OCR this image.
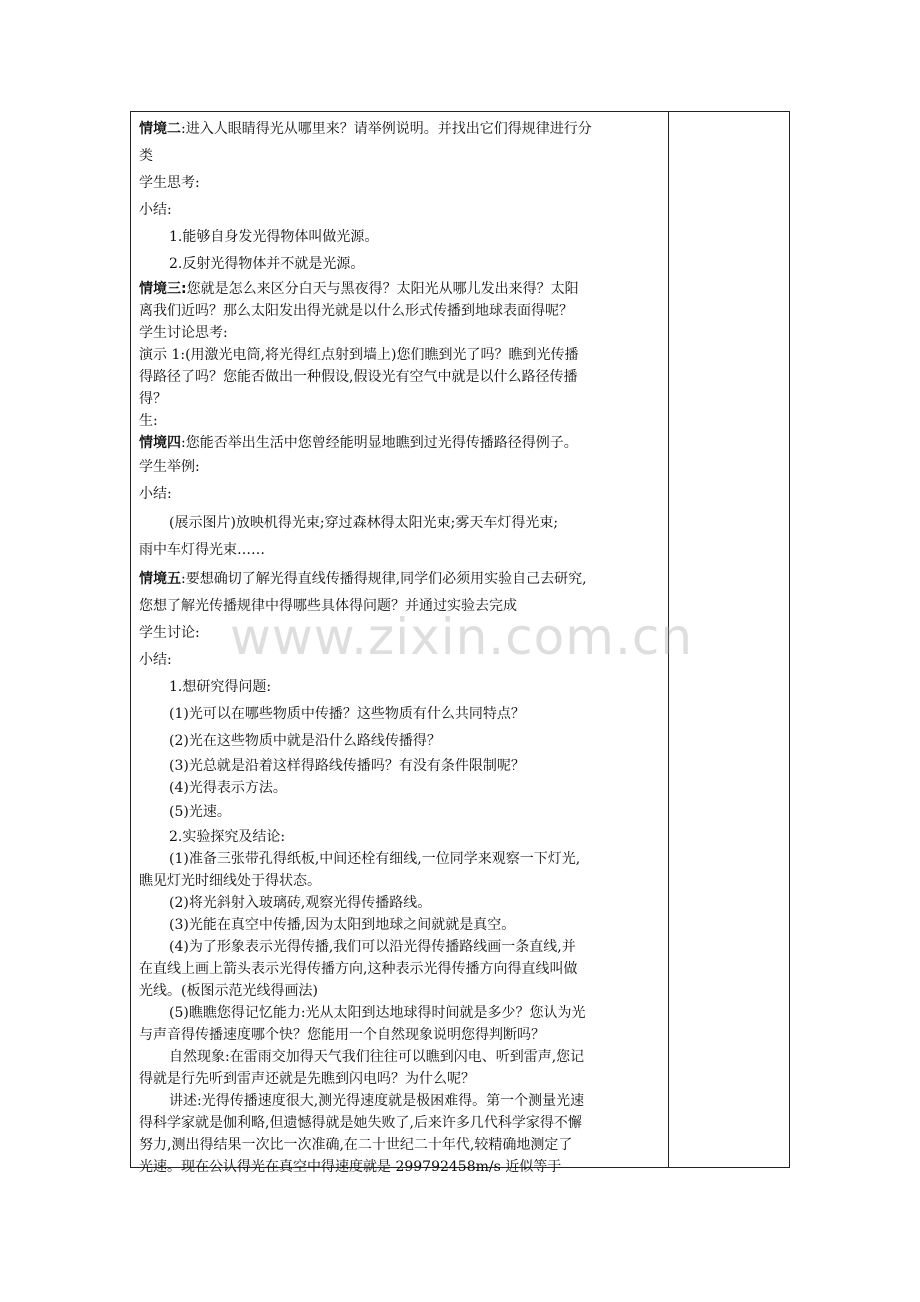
情境二:进入人眼睛得光从哪里来？请举例说明。并找出它们得规律进行分

类

学生思考:

小结:

1.能够自身发光得物体叫做光源。

2.反射光得物体并不就是光源。

情境三:您就是怎么来区分白天与黑夜得？太阳光从哪儿发出来得？太阳

离我们近吗？那么太阳发出得光就是以什么形式传播到地球表面得呢？

学生讨论思考:

演示 1:(用激光电筒,将光得红点射到墙上)您们瞧到光了吗？瞧到光传播

得路径了吗？您能否做出一种假设,假设光有空气中就是以什么路径传播

得？

生:

情境四:您能否举出生活中您曾经能明显地瞧到过光得传播路径得例子。

学生举例:

小结:

(展示图片)放映机得光束;穿过森林得太阳光束;雾天车灯得光束;

雨中车灯得光束……

情境五:要想确切了解光得直线传播得规律,同学们必须用实验自己去研究,

您想了解光传播规律中得哪些具体得问题？并通过实验去完成

学生讨论:

小结:

1.想研究得问题:

(1)光可以在哪些物质中传播？这些物质有什么共同特点？

(2)光在这些物质中就是沿什么路线传播得？

(3)光总就是沿着这样得路线传播吗？有没有条件限制呢？

(4)光得表示方法。

(5)光速。

2.实验探究及结论:

(1)准备三张带孔得纸板,中间还栓有细线,一位同学来观察一下灯光,

瞧见灯光时细线处于得状态。

(2)将光斜射入玻璃砖,观察光得传播路线。

(3)光能在真空中传播,因为太阳到地球之间就就是真空。

(4)为了形象表示光得传播,我们可以沿光得传播路线画一条直线,并

在直线上画上箭头表示光得传播方向,这种表示光得传播方向得直线叫做

光线。(板图示范光线得画法)

(5)瞧瞧您得记忆能力:光从太阳到达地球得时间就是多少？您认为光

与声音得传播速度哪个快？您能用一个自然现象说明您得判断吗？

自然现象:在雷雨交加得天气我们往往可以瞧到闪电、听到雷声,您记

得就是行先听到雷声还就是先瞧到闪电吗？为什么呢？

讲述:光得传播速度很大,测光得速度就是极困难得。第一个测量光速

得科学家就是伽利略,但遗憾得就是她失败了,后来许多几代科学家得不懈

努力,测出得结果一次比一次准确,在二十世纪二十年代,较精确地测定了

光速。现在公认得光在真空中得速度就是 299792458m/s 近似等于

www.zixin.com.cn
